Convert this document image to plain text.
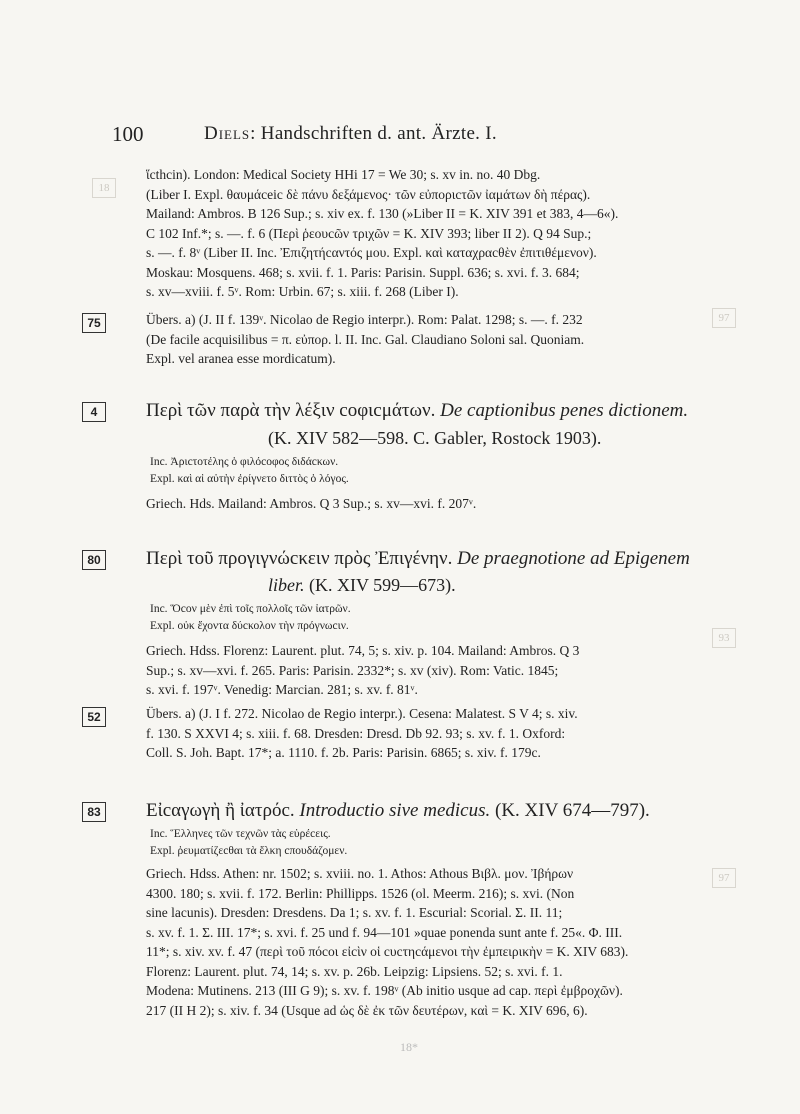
100	Diels: Handschriften d. ant. Ärzte. I.
18
93
97
97

ἵcthcin). London: Medical Society HHi 17 = We 30; s. xv in. no. 40 Dbg.

(Liber I. Expl. θαυμάceic δὲ πάνυ δεξάμενος· τῶν εὐποριcτῶν ἰαμάτων δὴ πέρας).

Mailand: Ambros. B 126 Sup.; s. xiv ex. f. 130 (»Liber II = K. XIV 391 et 383, 4—6«).

C 102 Inf.*; s. —. f. 6 (Περὶ ῥεουcῶν τριχῶν = K. XIV 393; liber II 2). Q 94 Sup.;

s. —. f. 8ᵛ (Liber II. Inc. Ἐπιζητήcαντός μου. Expl. καὶ καταχραcθὲν ἐπιτιθέμενον).

Moskau: Mosquens. 468; s. xvii. f. 1. Paris: Parisin. Suppl. 636; s. xvi. f. 3. 684;

s. xv—xviii. f. 5ᵛ. Rom: Urbin. 67; s. xiii. f. 268 (Liber I).

75	Übers. a) (J. II f. 139ᵛ. Nicolao de Regio interpr.). Rom: Palat. 1298; s. —. f. 232

(De facile acquisilibus = π. εὐπορ. l. II. Inc. Gal. Claudiano Soloni sal. Quoniam.

Expl. vel aranea esse mordicatum).

4	Περὶ τῶν παρὰ τὴν λέξιν cοφιcμάτων. De captionibus penes dictionem.
(K. XIV 582—598. C. Gabler, Rostock 1903).
Inc. Ἀριcτοτέλης ὁ φιλόcοφος διδάcκων.
Expl. καὶ αἱ αὐτὴν ἐρίγνετο διττὸς ὁ λόγος.

Griech. Hds. Mailand: Ambros. Q 3 Sup.; s. xv—xvi. f. 207ᵛ.

80 Περὶ τοῦ προγιγνώcκειν πρὸς Ἐπιγένην. De praegnotione ad Epigenem
liber. (K. XIV 599—673).
Inc. Ὅcον μὲν ἐπὶ τοῖς πολλοῖς τῶν ἰατρῶν.
Expl. οὐκ ἔχοντα δύcκολον τὴν πρόγνωcιν.

Griech. Hdss. Florenz: Laurent. plut. 74, 5; s. xiv. p. 104. Mailand: Ambros. Q 3

Sup.; s. xv—xvi. f. 265. Paris: Parisin. 2332*; s. xv (xiv). Rom: Vatic. 1845;

s. xvi. f. 197ᵛ. Venedig: Marcian. 281; s. xv. f. 81ᵛ.

52	Übers. a) (J. I f. 272. Nicolao de Regio interpr.). Cesena: Malatest. S V 4; s. xiv.

f. 130. S XXVI 4; s. xiii. f. 68. Dresden: Dresd. Db 92. 93; s. xv. f. 1. Oxford:

Coll. S. Joh. Bapt. 17*; a. 1110. f. 2b. Paris: Parisin. 6865; s. xiv. f. 179c.

83 Εἰcαγωγὴ ἢ ἰατρόc. Introductio sive medicus. (K. XIV 674—797).
Inc. Ἕλληνες τῶν τεχνῶν τὰς εὑρέcεις.
Expl. ῥευματίζεcθαι τὰ ἕλκη cπουδάζομεν.

Griech. Hdss. Athen: nr. 1502; s. xviii. no. 1. Athos: Athous Βιβλ. μον. Ἰβήρων

4300. 180; s. xvii. f. 172. Berlin: Phillipps. 1526 (ol. Meerm. 216); s. xvi. (Non

sine lacunis). Dresden: Dresdens. Da 1; s. xv. f. 1. Escurial: Scorial. Σ. II. 11;

s. xv. f. 1. Σ. III. 17*; s. xvi. f. 25 und f. 94—101 »quae ponenda sunt ante f. 25«. Φ. III.

11*; s. xiv. xv. f. 47 (περὶ τοῦ πόcοι εἰcὶν οἱ cυcτηcάμενοι τὴν ἐμπειρικὴν = K. XIV 683).

Florenz: Laurent. plut. 74, 14; s. xv. p. 26b. Leipzig: Lipsiens. 52; s. xvi. f. 1.

Modena: Mutinens. 213 (III G 9); s. xv. f. 198ᵛ (Ab initio usque ad cap. περὶ ἐμβροχῶν).

217 (II H 2); s. xiv. f. 34 (Usque ad ὡς δὲ ἐκ τῶν δευτέρων, καὶ = K. XIV 696, 6).

18*
